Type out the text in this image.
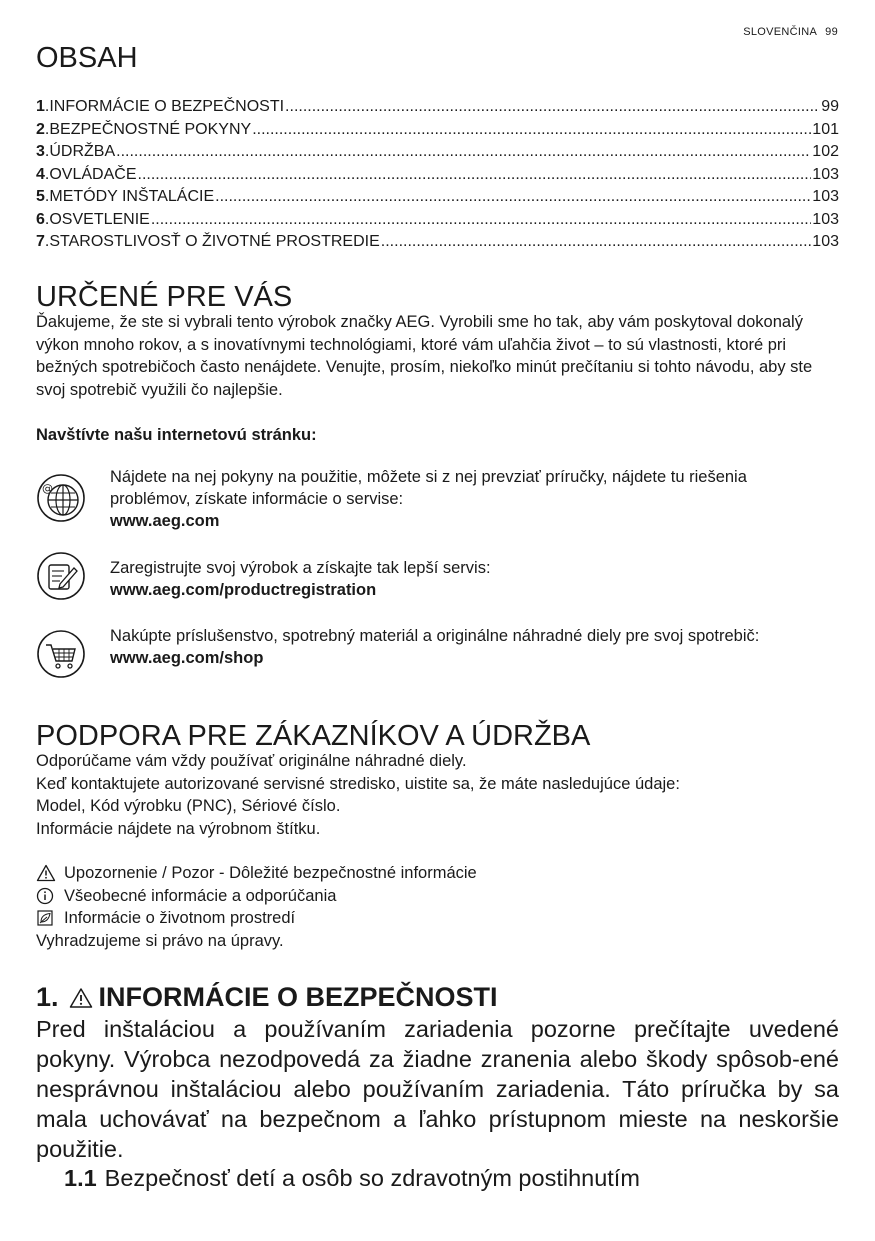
SLOVENČINA 99
OBSAH
1 . INFORMÁCIE O BEZPEČNOSTI .....	99
2 . BEZPEČNOSTNÉ POKYNY .....	101
3 . ÚDRŽBA .....	102
4 . OVLÁDAČE .....	103
5 . METÓDY INŠTALÁCIE .....	103
6 . OSVETLENIE .....	103
7 . STAROSTLIVOSŤ O ŽIVOTNÉ PROSTREDIE .....	103
URČENÉ PRE VÁS

Ďakujeme, že ste si vybrali tento výrobok značky AEG. Vyrobili sme ho tak, aby vám poskytoval dokonalý výkon mnoho rokov, a s inovatívnymi technológiami, ktoré vám uľahčia život – to sú vlastnosti, ktoré pri bežných spotrebičoch často nenájdete. Venujte, prosím, niekoľko minút prečítaniu si tohto návodu, aby ste svoj spotrebič využili čo najlepšie.

Navštívte našu internetovú stránku:

@
Nájdete na nej pokyny na použitie, môžete si z nej prevziať príručky, nájdete tu riešenia problémov, získate informácie o servise:
www.aeg.com
Zaregistrujte svoj výrobok a získajte tak lepší servis:
www.aeg.com/productregistration
Nakúpte príslušenstvo, spotrebný materiál a originálne náhradné diely pre svoj spotrebič:
www.aeg.com/shop
PODPORA PRE ZÁKAZNÍKOV A ÚDRŽBA
Odporúčame vám vždy používať originálne náhradné diely.
Keď kontaktujete autorizované servisné stredisko, uistite sa, že máte nasledujúce údaje:
Model, Kód výrobku (PNC), Sériové číslo.
Informácie nájdete na výrobnom štítku.
Upozornenie / Pozor - Dôležité bezpečnostné informácie
Všeobecné informácie a odporúčania
Informácie o životnom prostredí
Vyhradzujeme si právo na úpravy.
1. INFORMÁCIE O BEZPEČNOSTI

Pred inštaláciou a používaním zariadenia pozorne prečítajte uvedené pokyny. Výrobca nezodpovedá za žiadne zranenia alebo škody spôsob-ené nesprávnou inštaláciou alebo používaním zariadenia. Táto príručka by sa mala uchovávať na bezpečnom a ľahko prístupnom mieste na neskoršie použitie.

1.1 Bezpečnosť detí a osôb so zdravotným postihnutím
